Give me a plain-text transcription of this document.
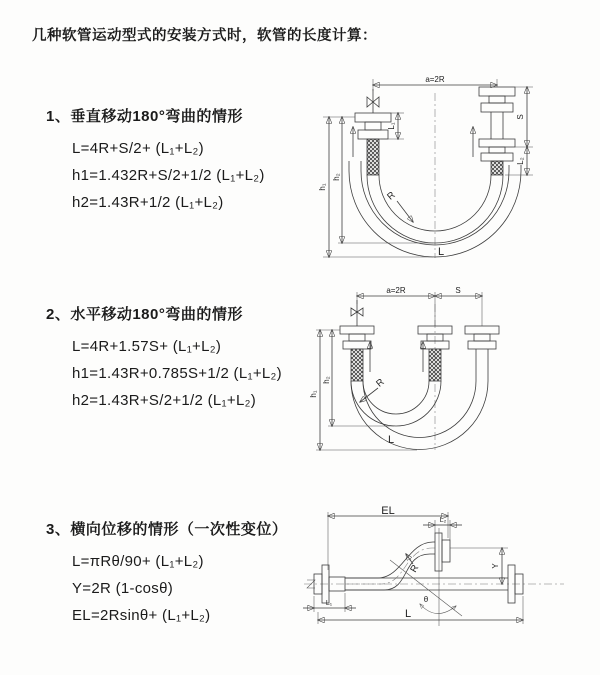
几种软管运动型式的安装方式时，软管的长度计算：
1、垂直移动180°弯曲的情形
L=4R+S/2+ (L₁+L₂)
h1=1.432R+S/2+1/2 (L₁+L₂)
h2=1.43R+1/2 (L₁+L₂)
2、水平移动180°弯曲的情形
L=4R+1.57S+ (L₁+L₂)
h1=1.43R+0.785S+1/2 (L₁+L₂)
h2=1.43R+S/2+1/2 (L₁+L₂)
3、横向位移的情形（一次性变位）
L=πRθ/90+ (L₁+L₂)
Y=2R (1-cosθ)
EL=2Rsinθ+ (L₁+L₂)
a=2R
h₁
h₂
L₁
S
L₂
R
L
a=2R	S
h₁
h₂	R
L
θ
R
EL
L₂
Y
L₁
L
